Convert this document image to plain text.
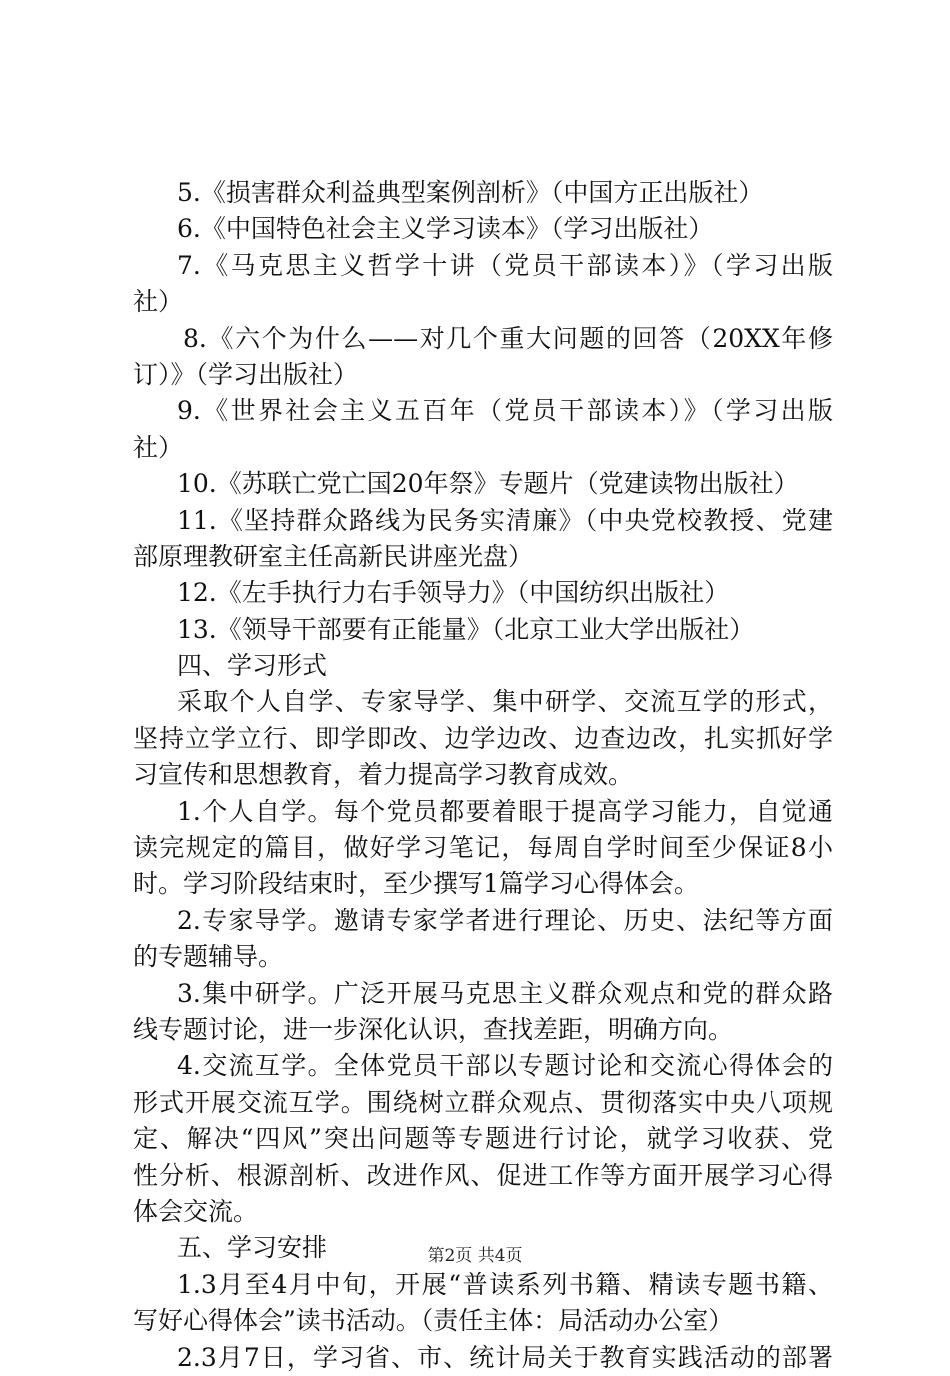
5.《损害群众利益典型案例剖析》（中国方正出版社）
6.《中国特色社会主义学习读本》（学习出版社）
7.《马克思主义哲学十讲（党员干部读本）》（学习出版
社）
8.《六个为什么——对几个重大问题的回答（20XX年修
订）》（学习出版社）
9.《世界社会主义五百年（党员干部读本）》（学习出版
社）
10.《苏联亡党亡国20年祭》专题片（党建读物出版社）
11.《坚持群众路线为民务实清廉》（中央党校教授、党建
部原理教研室主任高新民讲座光盘）
12.《左手执行力右手领导力》（中国纺织出版社）
13.《领导干部要有正能量》（北京工业大学出版社）
四、学习形式
采取个人自学、专家导学、集中研学、交流互学的形式，
坚持立学立行、即学即改、边学边改、边查边改，扎实抓好学
习宣传和思想教育，着力提高学习教育成效。
1.个人自学。每个党员都要着眼于提高学习能力，自觉通
读完规定的篇目，做好学习笔记，每周自学时间至少保证8小
时。学习阶段结束时，至少撰写1篇学习心得体会。
2.专家导学。邀请专家学者进行理论、历史、法纪等方面
的专题辅导。
3.集中研学。广泛开展马克思主义群众观点和党的群众路
线专题讨论，进一步深化认识，查找差距，明确方向。
4.交流互学。全体党员干部以专题讨论和交流心得体会的
形式开展交流互学。围绕树立群众观点、贯彻落实中央八项规
定、解决“四风”突出问题等专题进行讨论，就学习收获、党
性分析、根源剖析、改进作风、促进工作等方面开展学习心得
体会交流。
五、学习安排
1.3月至4月中旬，开展“普读系列书籍、精读专题书籍、
写好心得体会”读书活动。（责任主体：局活动办公室）
2.3月7日，学习省、市、统计局关于教育实践活动的部署
第2页 共4页
